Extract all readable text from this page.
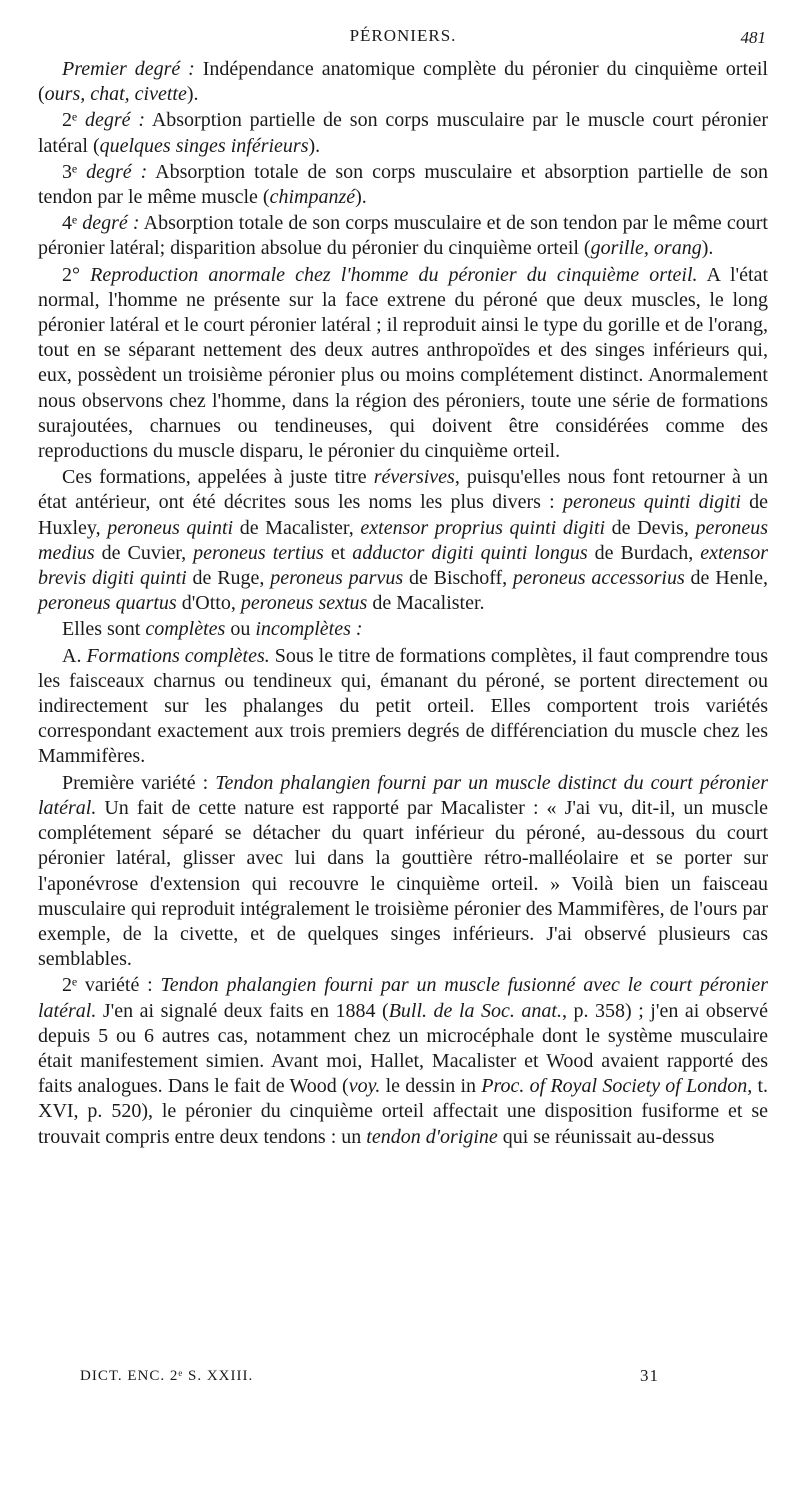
PÉRONIERS.	481

Premier degré : Indépendance anatomique complète du péronier du cinquième orteil (ours, chat, civette).

2ᵉ degré : Absorption partielle de son corps musculaire par le muscle court péronier latéral (quelques singes inférieurs).

3ᵉ degré : Absorption totale de son corps musculaire et absorption partielle de son tendon par le même muscle (chimpanzé).

4ᵉ degré : Absorption totale de son corps musculaire et de son tendon par le même court péronier latéral; disparition absolue du péronier du cinquième orteil (gorille, orang).

2° Reproduction anormale chez l'homme du péronier du cinquième orteil. A l'état normal, l'homme ne présente sur la face extrene du péroné que deux muscles, le long péronier latéral et le court péronier latéral ; il reproduit ainsi le type du gorille et de l'orang, tout en se séparant nettement des deux autres anthropoïdes et des singes inférieurs qui, eux, possèdent un troisième péronier plus ou moins complétement distinct. Anormalement nous observons chez l'homme, dans la région des péroniers, toute une série de formations surajoutées, charnues ou tendineuses, qui doivent être considérées comme des reproductions du muscle disparu, le péronier du cinquième orteil.

Ces formations, appelées à juste titre réversives, puisqu'elles nous font retourner à un état antérieur, ont été décrites sous les noms les plus divers : peroneus quinti digiti de Huxley, peroneus quinti de Macalister, extensor proprius quinti digiti de Devis, peroneus medius de Cuvier, peroneus tertius et adductor digiti quinti longus de Burdach, extensor brevis digiti quinti de Ruge, peroneus parvus de Bischoff, peroneus accessorius de Henle, peroneus quartus d'Otto, peroneus sextus de Macalister.

Elles sont complètes ou incomplètes :

A. Formations complètes. Sous le titre de formations complètes, il faut comprendre tous les faisceaux charnus ou tendineux qui, émanant du péroné, se portent directement ou indirectement sur les phalanges du petit orteil. Elles comportent trois variétés correspondant exactement aux trois premiers degrés de différenciation du muscle chez les Mammifères.

Première variété : Tendon phalangien fourni par un muscle distinct du court péronier latéral. Un fait de cette nature est rapporté par Macalister : « J'ai vu, dit-il, un muscle complétement séparé se détacher du quart inférieur du péroné, au-dessous du court péronier latéral, glisser avec lui dans la gouttière rétro-malléolaire et se porter sur l'aponévrose d'extension qui recouvre le cinquième orteil. » Voilà bien un faisceau musculaire qui reproduit intégralement le troisième péronier des Mammifères, de l'ours par exemple, de la civette, et de quelques singes inférieurs. J'ai observé plusieurs cas semblables.

2ᵉ variété : Tendon phalangien fourni par un muscle fusionné avec le court péronier latéral. J'en ai signalé deux faits en 1884 (Bull. de la Soc. anat., p. 358) ; j'en ai observé depuis 5 ou 6 autres cas, notamment chez un microcéphale dont le système musculaire était manifestement simien. Avant moi, Hallet, Macalister et Wood avaient rapporté des faits analogues. Dans le fait de Wood (voy. le dessin in Proc. of Royal Society of London, t. XVI, p. 520), le péronier du cinquième orteil affectait une disposition fusiforme et se trouvait compris entre deux tendons : un tendon d'origine qui se réunissait au-dessus

DICT. ENC. 2ᵉ S. XXIII.	31
